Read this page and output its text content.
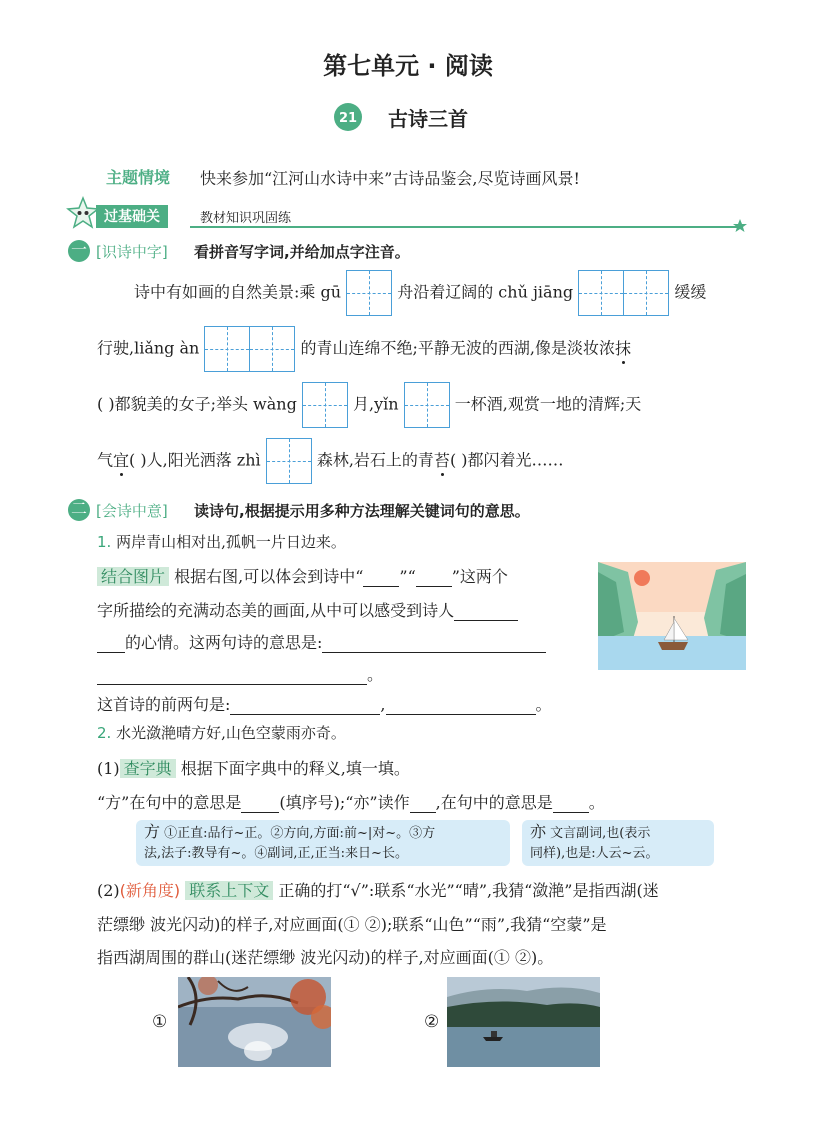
第七单元 · 阅读
21 古诗三首
主题情境 快来参加“江河山水诗中来”古诗品鉴会,尽览诗画风景!
过基础关	教材知识巩固练
一 [识诗中字] 看拼音写字词,并给加点字注音。
诗中有如画的自然美景:乘 gū	舟沿着辽阔的 chǔ jiāng	缓缓
行驶,liǎng àn	的青山连绵不绝;平静无波的西湖,像是淡妆浓抹
( )都貌美的女子;举头 wàng	月,yǐn	一杯酒,观赏一地的清辉;天
气宜( )人,阳光洒落 zhì	森林,岩石上的青苔( )都闪着光……
二 [会诗中意] 读诗句,根据提示用多种方法理解关键词句的意思。
1. 两岸青山相对出,孤帆一片日边来。
结合图片 根据右图,可以体会到诗中“ ”“ ”这两个
字所描绘的充满动态美的画面,从中可以感受到诗人
的心情。这两句诗的意思是:
。
这首诗的前两句是:	,	。
2. 水光潋滟晴方好,山色空蒙雨亦奇。
(1) 查字典 根据下面字典中的释义,填一填。
“方”在句中的意思是 (填序号);“亦”读作 ,在句中的意思是 。
方 ①正直:品行~正。②方向,方面:前~|对~。③方
法,法子:教导有~。④副词,正,正当:来日~长。
亦 文言副词,也(表示
同样),也是:人云~云。
(2)(新角度) 联系上下文 正确的打“√”:联系“水光”“晴”,我猜“潋滟”是指西湖(迷
茫缥缈 波光闪动)的样子,对应画面(① ②);联系“山色”“雨”,我猜“空蒙”是
指西湖周围的群山(迷茫缥缈 波光闪动)的样子,对应画面(① ②)。
①	②
